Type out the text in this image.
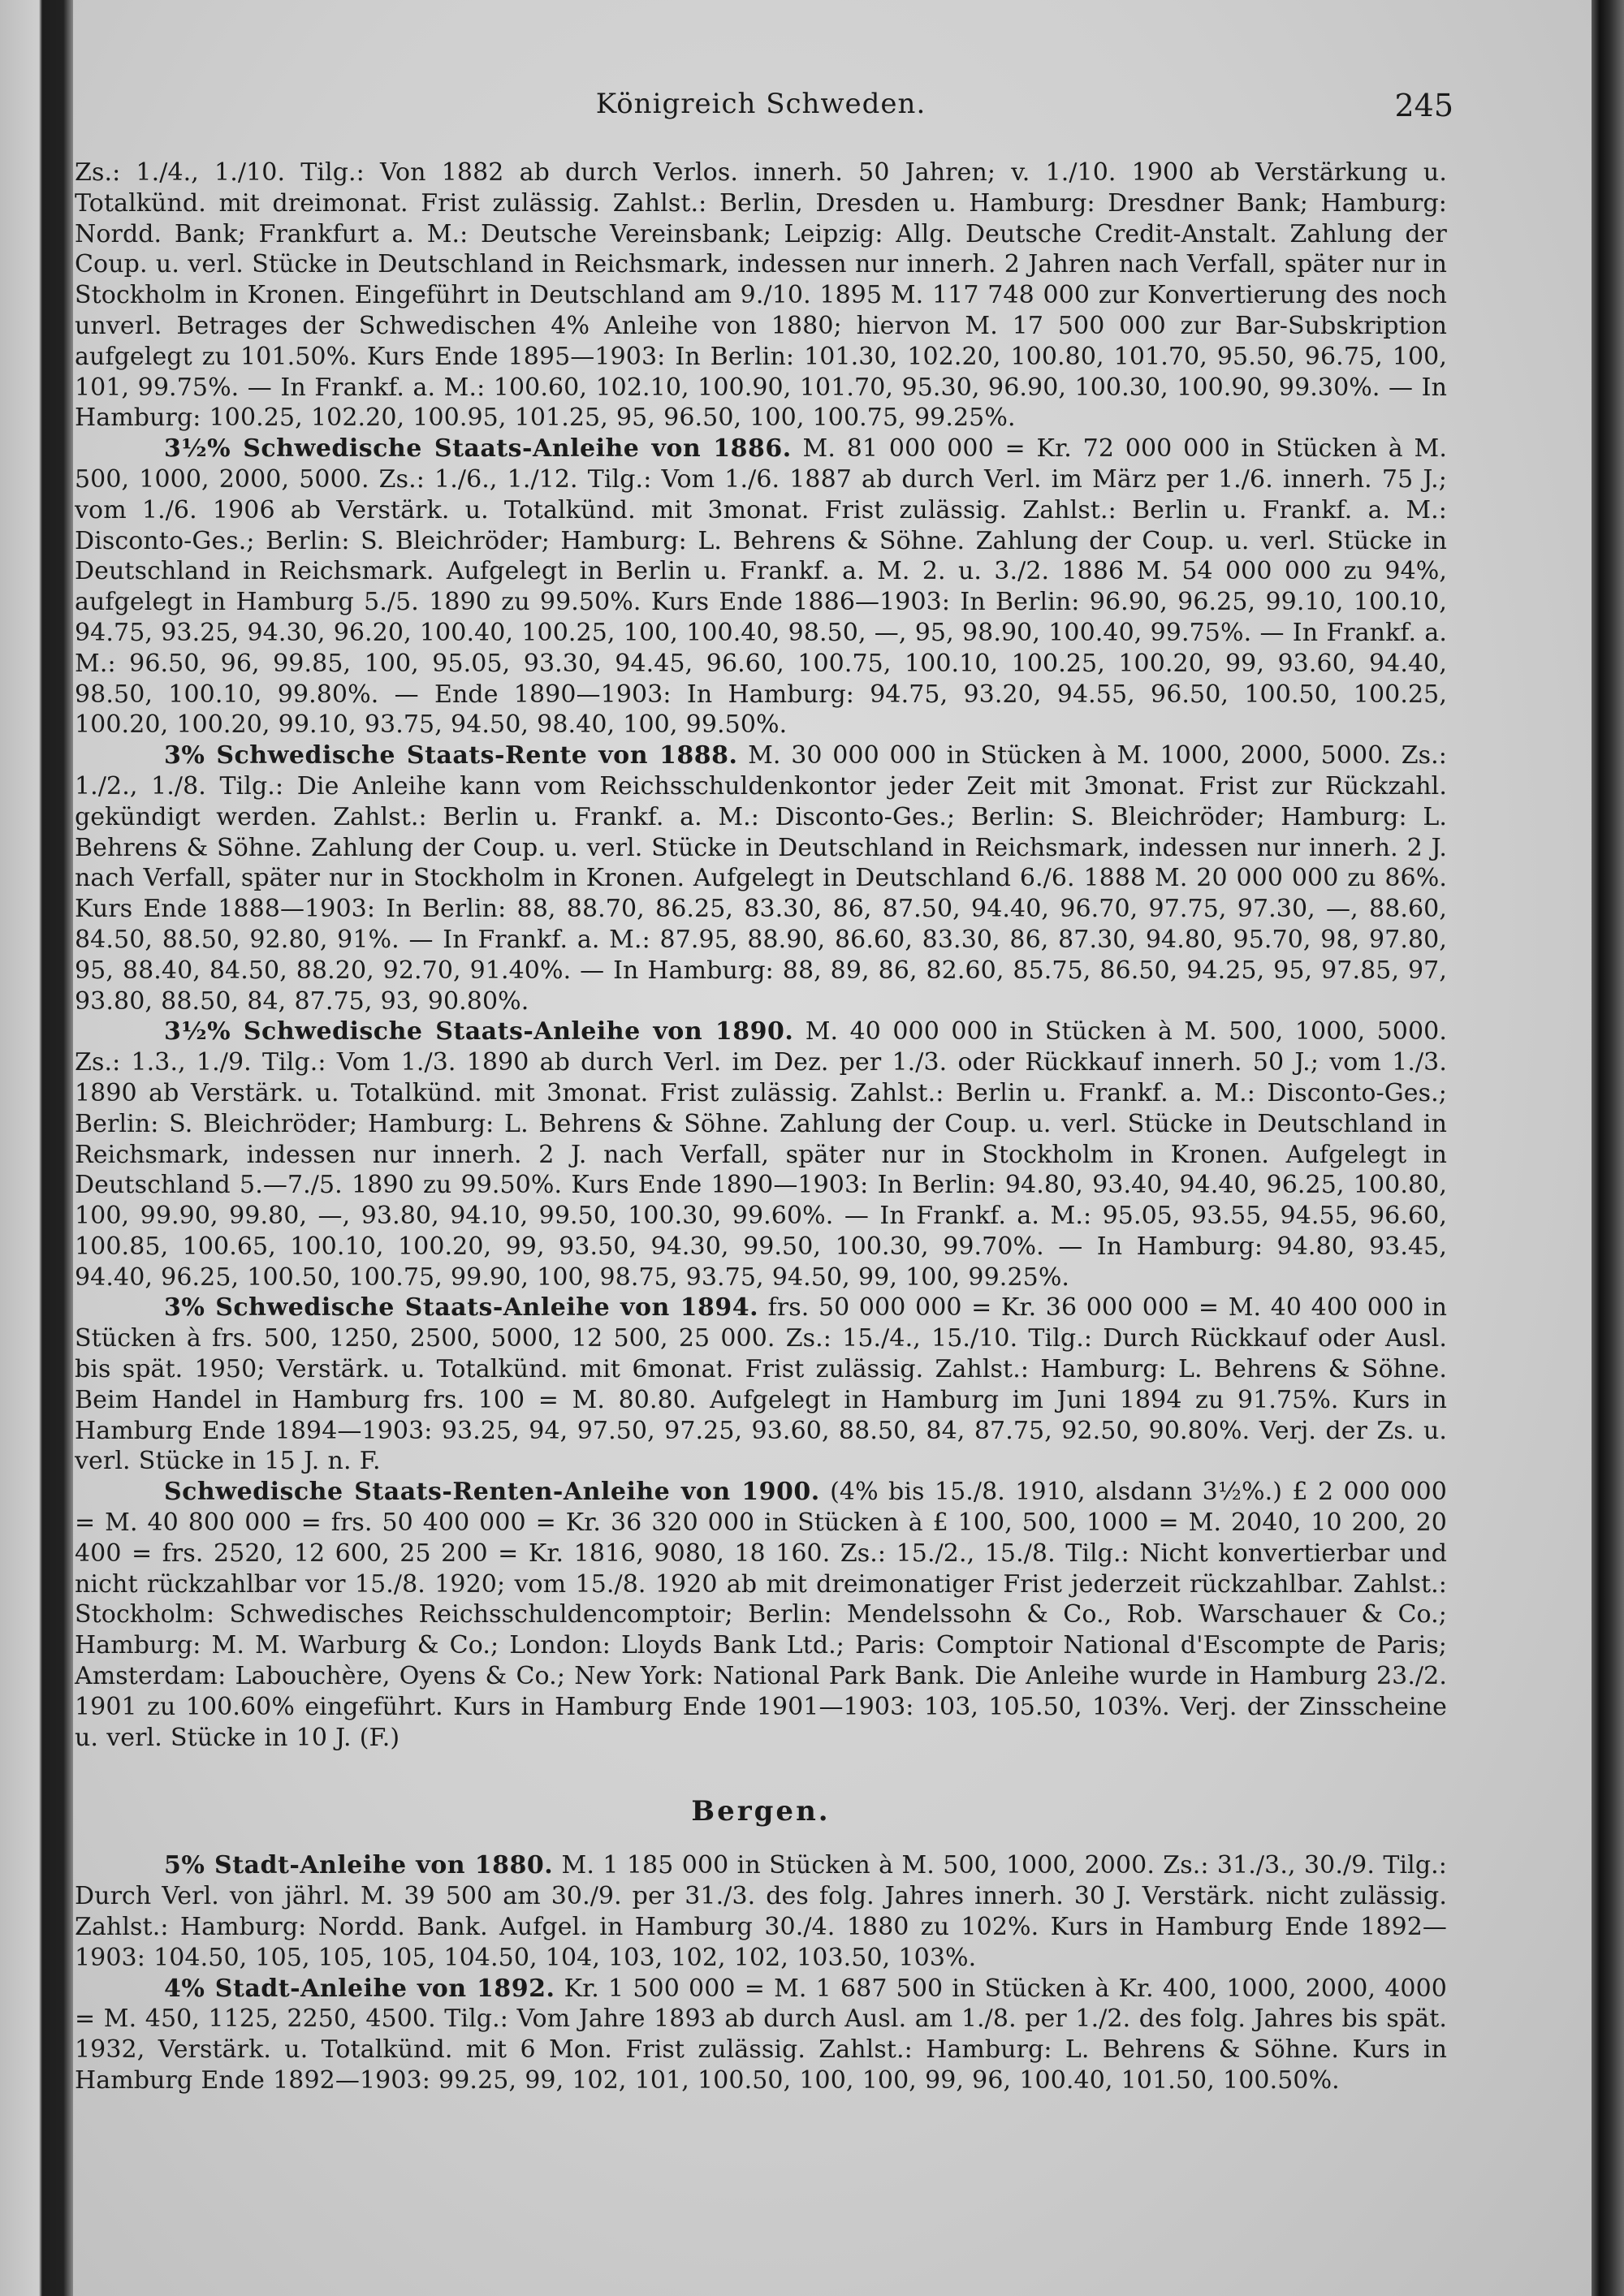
Königreich Schweden.	245

Zs.: 1./4., 1./10. Tilg.: Von 1882 ab durch Verlos. innerh. 50 Jahren; v. 1./10. 1900 ab Verstärkung u. Totalkünd. mit dreimonat. Frist zulässig. Zahlst.: Berlin, Dresden u. Hamburg: Dresdner Bank; Hamburg: Nordd. Bank; Frankfurt a. M.: Deutsche Vereinsbank; Leipzig: Allg. Deutsche Credit-Anstalt. Zahlung der Coup. u. verl. Stücke in Deutschland in Reichsmark, indessen nur innerh. 2 Jahren nach Verfall, später nur in Stockholm in Kronen. Eingeführt in Deutschland am 9./10. 1895 M. 117 748 000 zur Konvertierung des noch unverl. Betrages der Schwedischen 4% Anleihe von 1880; hiervon M. 17 500 000 zur Bar-Subskription aufgelegt zu 101.50%. Kurs Ende 1895—1903: In Berlin: 101.30, 102.20, 100.80, 101.70, 95.50, 96.75, 100, 101, 99.75%. — In Frankf. a. M.: 100.60, 102.10, 100.90, 101.70, 95.30, 96.90, 100.30, 100.90, 99.30%. — In Hamburg: 100.25, 102.20, 100.95, 101.25, 95, 96.50, 100, 100.75, 99.25%.

3½% Schwedische Staats-Anleihe von 1886. M. 81 000 000 = Kr. 72 000 000 in Stücken à M. 500, 1000, 2000, 5000. Zs.: 1./6., 1./12. Tilg.: Vom 1./6. 1887 ab durch Verl. im März per 1./6. innerh. 75 J.; vom 1./6. 1906 ab Verstärk. u. Totalkünd. mit 3monat. Frist zulässig. Zahlst.: Berlin u. Frankf. a. M.: Disconto-Ges.; Berlin: S. Bleichröder; Hamburg: L. Behrens & Söhne. Zahlung der Coup. u. verl. Stücke in Deutschland in Reichsmark. Aufgelegt in Berlin u. Frankf. a. M. 2. u. 3./2. 1886 M. 54 000 000 zu 94%, aufgelegt in Hamburg 5./5. 1890 zu 99.50%. Kurs Ende 1886—1903: In Berlin: 96.90, 96.25, 99.10, 100.10, 94.75, 93.25, 94.30, 96.20, 100.40, 100.25, 100, 100.40, 98.50, —, 95, 98.90, 100.40, 99.75%. — In Frankf. a. M.: 96.50, 96, 99.85, 100, 95.05, 93.30, 94.45, 96.60, 100.75, 100.10, 100.25, 100.20, 99, 93.60, 94.40, 98.50, 100.10, 99.80%. — Ende 1890—1903: In Hamburg: 94.75, 93.20, 94.55, 96.50, 100.50, 100.25, 100.20, 100.20, 99.10, 93.75, 94.50, 98.40, 100, 99.50%.

3% Schwedische Staats-Rente von 1888. M. 30 000 000 in Stücken à M. 1000, 2000, 5000. Zs.: 1./2., 1./8. Tilg.: Die Anleihe kann vom Reichsschuldenkontor jeder Zeit mit 3monat. Frist zur Rückzahl. gekündigt werden. Zahlst.: Berlin u. Frankf. a. M.: Disconto-Ges.; Berlin: S. Bleichröder; Hamburg: L. Behrens & Söhne. Zahlung der Coup. u. verl. Stücke in Deutschland in Reichsmark, indessen nur innerh. 2 J. nach Verfall, später nur in Stockholm in Kronen. Aufgelegt in Deutschland 6./6. 1888 M. 20 000 000 zu 86%. Kurs Ende 1888—1903: In Berlin: 88, 88.70, 86.25, 83.30, 86, 87.50, 94.40, 96.70, 97.75, 97.30, —, 88.60, 84.50, 88.50, 92.80, 91%. — In Frankf. a. M.: 87.95, 88.90, 86.60, 83.30, 86, 87.30, 94.80, 95.70, 98, 97.80, 95, 88.40, 84.50, 88.20, 92.70, 91.40%. — In Hamburg: 88, 89, 86, 82.60, 85.75, 86.50, 94.25, 95, 97.85, 97, 93.80, 88.50, 84, 87.75, 93, 90.80%.

3½% Schwedische Staats-Anleihe von 1890. M. 40 000 000 in Stücken à M. 500, 1000, 5000. Zs.: 1.3., 1./9. Tilg.: Vom 1./3. 1890 ab durch Verl. im Dez. per 1./3. oder Rückkauf innerh. 50 J.; vom 1./3. 1890 ab Verstärk. u. Totalkünd. mit 3monat. Frist zulässig. Zahlst.: Berlin u. Frankf. a. M.: Disconto-Ges.; Berlin: S. Bleichröder; Hamburg: L. Behrens & Söhne. Zahlung der Coup. u. verl. Stücke in Deutschland in Reichsmark, indessen nur innerh. 2 J. nach Verfall, später nur in Stockholm in Kronen. Aufgelegt in Deutschland 5.—7./5. 1890 zu 99.50%. Kurs Ende 1890—1903: In Berlin: 94.80, 93.40, 94.40, 96.25, 100.80, 100, 99.90, 99.80, —, 93.80, 94.10, 99.50, 100.30, 99.60%. — In Frankf. a. M.: 95.05, 93.55, 94.55, 96.60, 100.85, 100.65, 100.10, 100.20, 99, 93.50, 94.30, 99.50, 100.30, 99.70%. — In Hamburg: 94.80, 93.45, 94.40, 96.25, 100.50, 100.75, 99.90, 100, 98.75, 93.75, 94.50, 99, 100, 99.25%.

3% Schwedische Staats-Anleihe von 1894. frs. 50 000 000 = Kr. 36 000 000 = M. 40 400 000 in Stücken à frs. 500, 1250, 2500, 5000, 12 500, 25 000. Zs.: 15./4., 15./10. Tilg.: Durch Rückkauf oder Ausl. bis spät. 1950; Verstärk. u. Totalkünd. mit 6monat. Frist zulässig. Zahlst.: Hamburg: L. Behrens & Söhne. Beim Handel in Hamburg frs. 100 = M. 80.80. Aufgelegt in Hamburg im Juni 1894 zu 91.75%. Kurs in Hamburg Ende 1894—1903: 93.25, 94, 97.50, 97.25, 93.60, 88.50, 84, 87.75, 92.50, 90.80%. Verj. der Zs. u. verl. Stücke in 15 J. n. F.

Schwedische Staats-Renten-Anleihe von 1900. (4% bis 15./8. 1910, alsdann 3½%.) £ 2 000 000 = M. 40 800 000 = frs. 50 400 000 = Kr. 36 320 000 in Stücken à £ 100, 500, 1000 = M. 2040, 10 200, 20 400 = frs. 2520, 12 600, 25 200 = Kr. 1816, 9080, 18 160. Zs.: 15./2., 15./8. Tilg.: Nicht konvertierbar und nicht rückzahlbar vor 15./8. 1920; vom 15./8. 1920 ab mit dreimonatiger Frist jederzeit rückzahlbar. Zahlst.: Stockholm: Schwedisches Reichsschuldencomptoir; Berlin: Mendelssohn & Co., Rob. Warschauer & Co.; Hamburg: M. M. Warburg & Co.; London: Lloyds Bank Ltd.; Paris: Comptoir National d'Escompte de Paris; Amsterdam: Labouchère, Oyens & Co.; New York: National Park Bank. Die Anleihe wurde in Hamburg 23./2. 1901 zu 100.60% eingeführt. Kurs in Hamburg Ende 1901—1903: 103, 105.50, 103%. Verj. der Zinsscheine u. verl. Stücke in 10 J. (F.)

Bergen.

5% Stadt-Anleihe von 1880. M. 1 185 000 in Stücken à M. 500, 1000, 2000. Zs.: 31./3., 30./9. Tilg.: Durch Verl. von jährl. M. 39 500 am 30./9. per 31./3. des folg. Jahres innerh. 30 J. Verstärk. nicht zulässig. Zahlst.: Hamburg: Nordd. Bank. Aufgel. in Hamburg 30./4. 1880 zu 102%. Kurs in Hamburg Ende 1892—1903: 104.50, 105, 105, 105, 104.50, 104, 103, 102, 102, 103.50, 103%.

4% Stadt-Anleihe von 1892. Kr. 1 500 000 = M. 1 687 500 in Stücken à Kr. 400, 1000, 2000, 4000 = M. 450, 1125, 2250, 4500. Tilg.: Vom Jahre 1893 ab durch Ausl. am 1./8. per 1./2. des folg. Jahres bis spät. 1932, Verstärk. u. Totalkünd. mit 6 Mon. Frist zulässig. Zahlst.: Hamburg: L. Behrens & Söhne. Kurs in Hamburg Ende 1892—1903: 99.25, 99, 102, 101, 100.50, 100, 100, 99, 96, 100.40, 101.50, 100.50%.
